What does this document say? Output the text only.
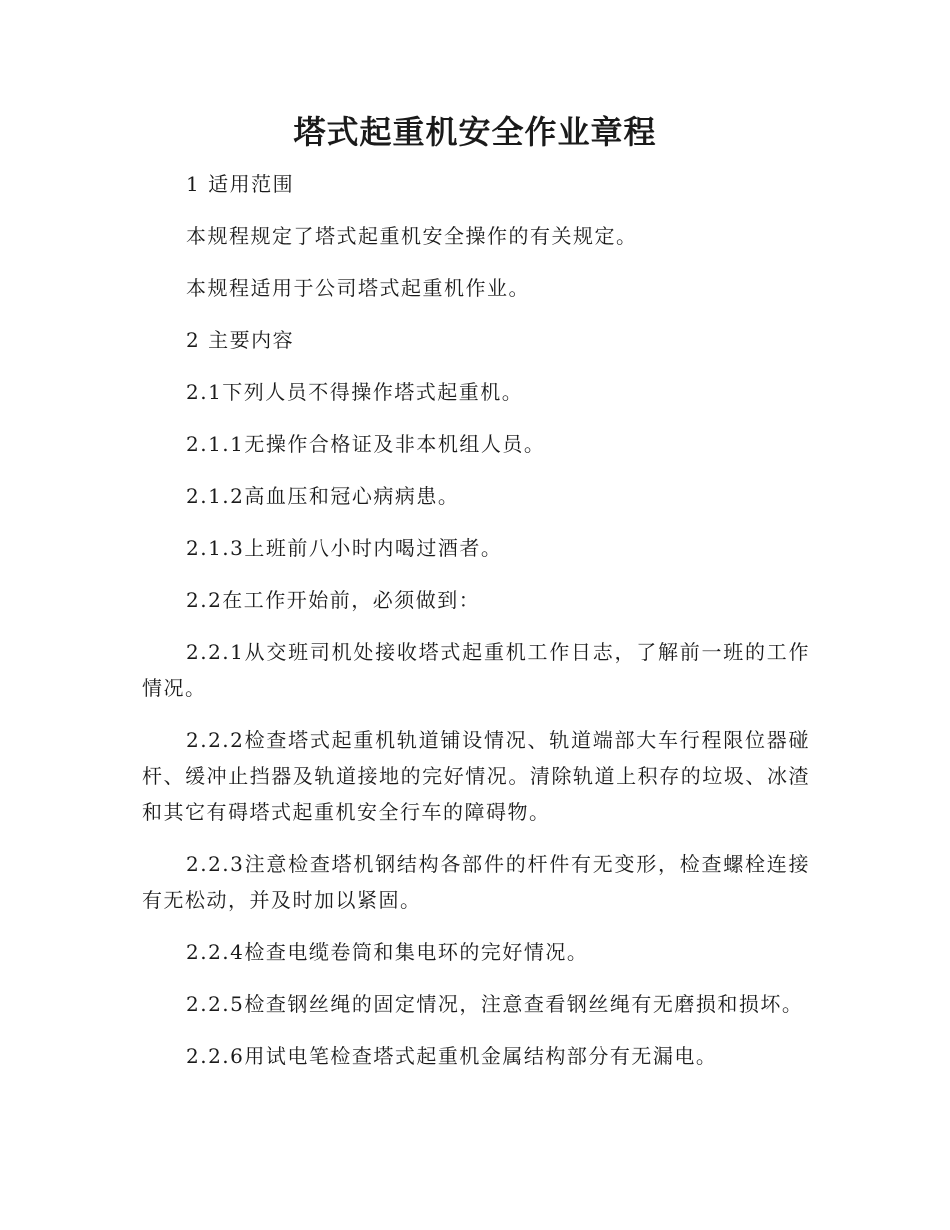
塔式起重机安全作业章程

1 适用范围

本规程规定了塔式起重机安全操作的有关规定。

本规程适用于公司塔式起重机作业。

2 主要内容

2.1下列人员不得操作塔式起重机。

2.1.1无操作合格证及非本机组人员。

2.1.2高血压和冠心病病患。

2.1.3上班前八小时内喝过酒者。

2.2在工作开始前，必须做到：

2.2.1从交班司机处接收塔式起重机工作日志，了解前一班的工作情况。

2.2.2检查塔式起重机轨道铺设情况、轨道端部大车行程限位器碰杆、缓冲止挡器及轨道接地的完好情况。清除轨道上积存的垃圾、冰渣和其它有碍塔式起重机安全行车的障碍物。

2.2.3注意检查塔机钢结构各部件的杆件有无变形，检查螺栓连接有无松动，并及时加以紧固。

2.2.4检查电缆卷筒和集电环的完好情况。

2.2.5检查钢丝绳的固定情况，注意查看钢丝绳有无磨损和损坏。

2.2.6用试电笔检查塔式起重机金属结构部分有无漏电。
